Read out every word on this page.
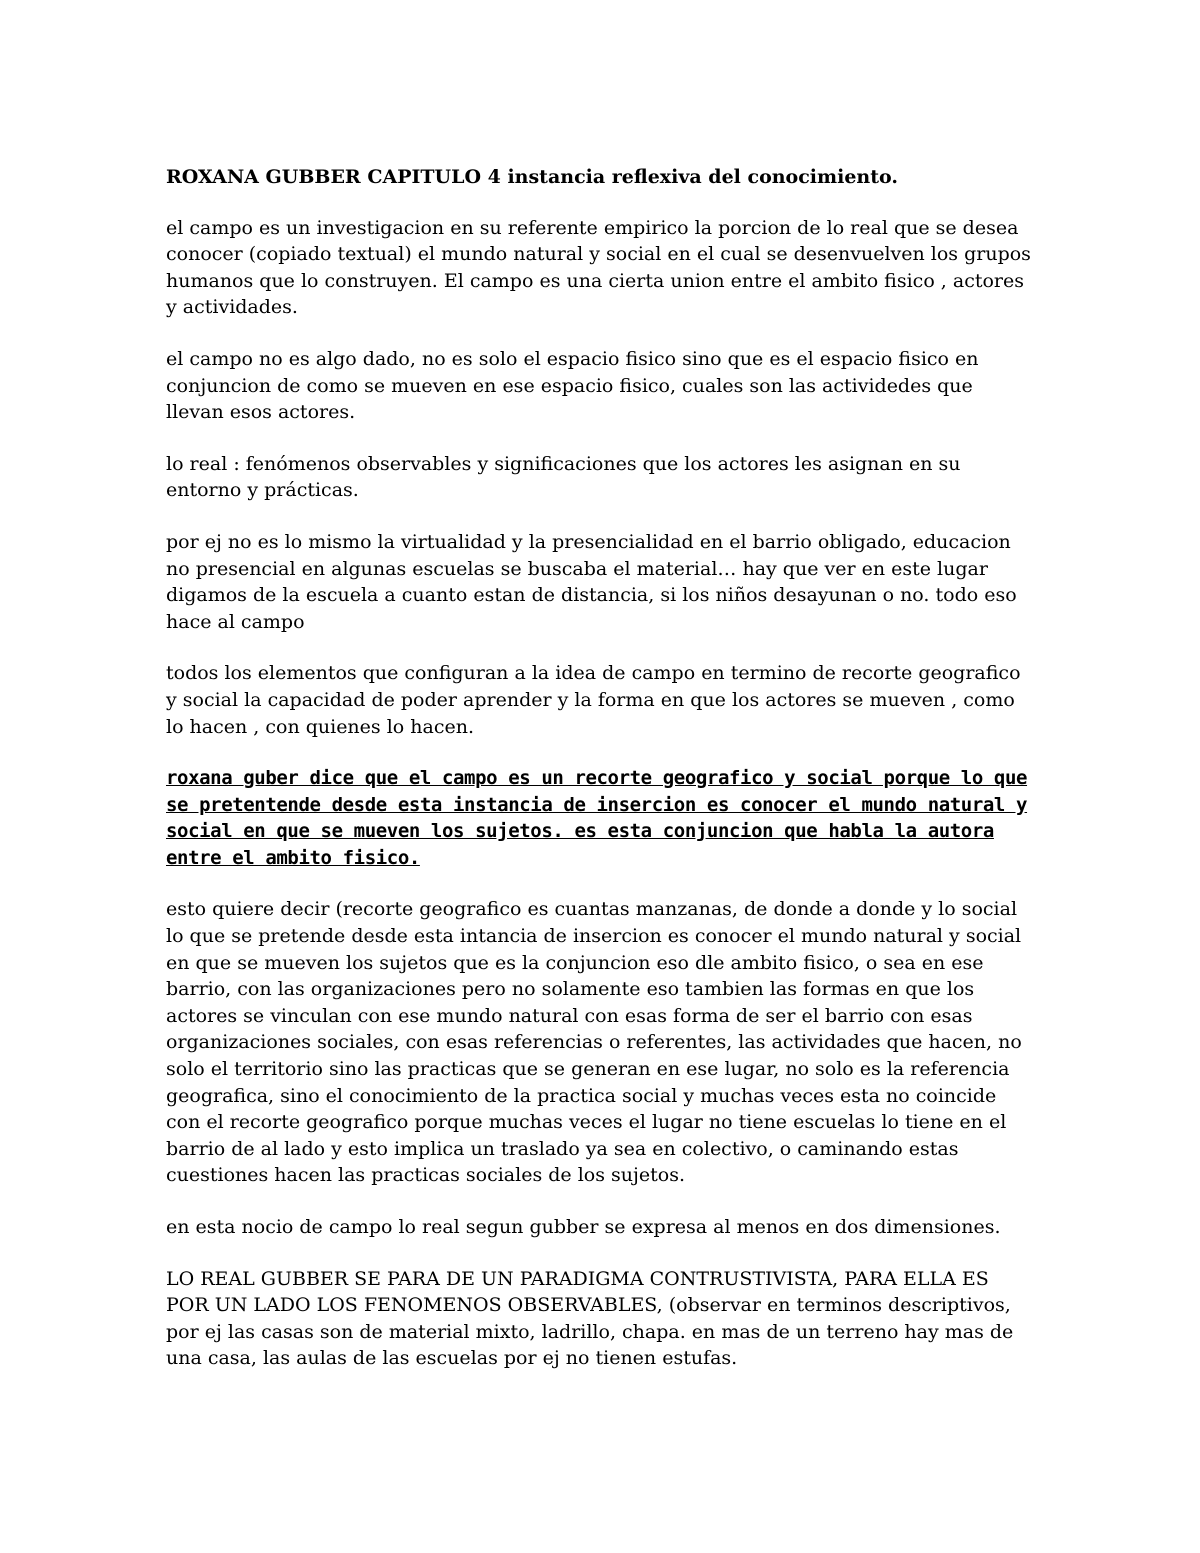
ROXANA GUBBER CAPITULO 4 instancia reflexiva del conocimiento.

el campo es un investigacion en su referente empirico la porcion de lo real que se desea conocer (copiado textual) el mundo natural y social en el cual se desenvuelven los grupos humanos que lo construyen. El campo es una cierta union entre el ambito fisico , actores y actividades.

el campo no es algo dado, no es solo el espacio fisico sino que es el espacio fisico en conjuncion de como se mueven en ese espacio fisico, cuales son las actividedes que llevan esos actores.

lo real : fenómenos observables y significaciones que los actores les asignan en su entorno y prácticas.

por ej no es lo mismo la virtualidad y la presencialidad en el barrio obligado, educacion no presencial en algunas escuelas se buscaba el material… hay que ver en este lugar digamos de la escuela a cuanto estan de distancia, si los niños desayunan o no. todo eso hace al campo

todos los elementos que configuran a la idea de campo en termino de recorte geografico y social la capacidad de poder aprender y la forma en que los actores se mueven , como lo hacen , con quienes lo hacen.

roxana guber dice que el campo es un recorte geografico y social porque lo que se pretentende desde esta instancia de insercion es conocer el mundo natural y social en que se mueven los sujetos. es esta conjuncion que habla la autora entre el ambito fisico.

esto quiere decir (recorte geografico es cuantas manzanas, de donde a donde y lo social lo que se pretende desde esta intancia de insercion es conocer el mundo natural y social en que se mueven los sujetos que es la conjuncion eso dle ambito fisico, o sea en ese barrio, con las organizaciones pero no solamente eso tambien las formas en que los actores se vinculan con ese mundo natural con esas forma de ser el barrio con esas organizaciones sociales, con esas referencias o referentes, las actividades que hacen, no solo el territorio sino las practicas que se generan en ese lugar, no solo es la referencia geografica, sino el conocimiento de la practica social y muchas veces esta no coincide con el recorte geografico porque muchas veces el lugar no tiene escuelas lo tiene en el barrio de al lado y esto implica un traslado ya sea en colectivo, o caminando estas cuestiones hacen las practicas sociales de los sujetos.

en esta nocio de campo lo real segun gubber se expresa al menos en dos dimensiones.

LO REAL GUBBER SE PARA DE UN PARADIGMA CONTRUSTIVISTA, PARA ELLA ES POR UN LADO LOS FENOMENOS OBSERVABLES, (observar en terminos descriptivos, por ej las casas son de material mixto, ladrillo, chapa. en mas de un terreno hay mas de una casa, las aulas de las escuelas por ej no tienen estufas.
